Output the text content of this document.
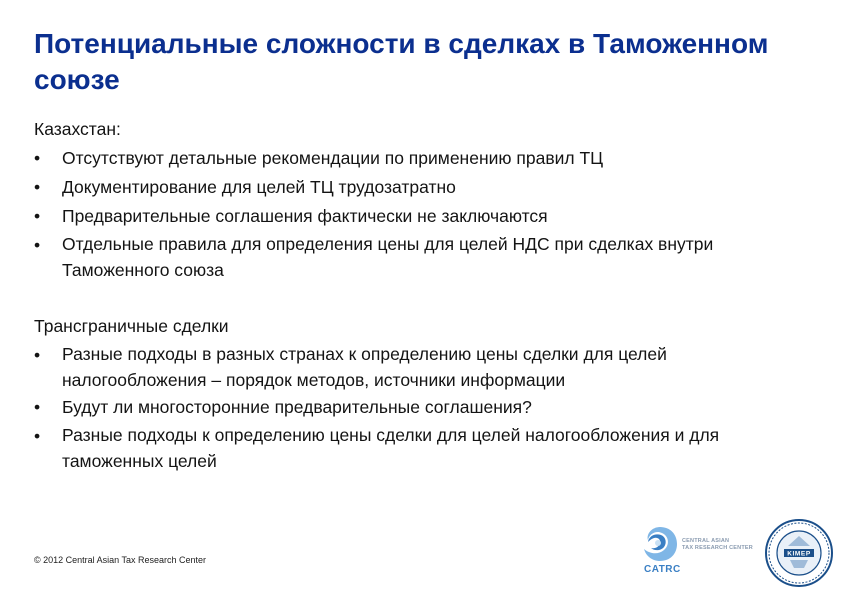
Потенциальные сложности в сделках в Таможенном союзе

Казахстан:

•	Отсутствуют детальные рекомендации по применению правил ТЦ
•	Документирование для целей ТЦ трудозатратно
•	Предварительные соглашения фактически не заключаются
•	Отдельные правила для определения цены для целей НДС при сделках внутри Таможенного союза

Трансграничные сделки

•	Разные подходы в разных странах к определению цены сделки для целей налогообложения – порядок методов, источники информации
•	Будут ли многосторонние предварительные соглашения?
•	Разные подходы к определению цены сделки для целей налогообложения и для таможенных целей
© 2012 Central Asian Tax Research Center
CENTRAL ASIAN
TAX RESEARCH CENTER
CATRC
KIMEP
